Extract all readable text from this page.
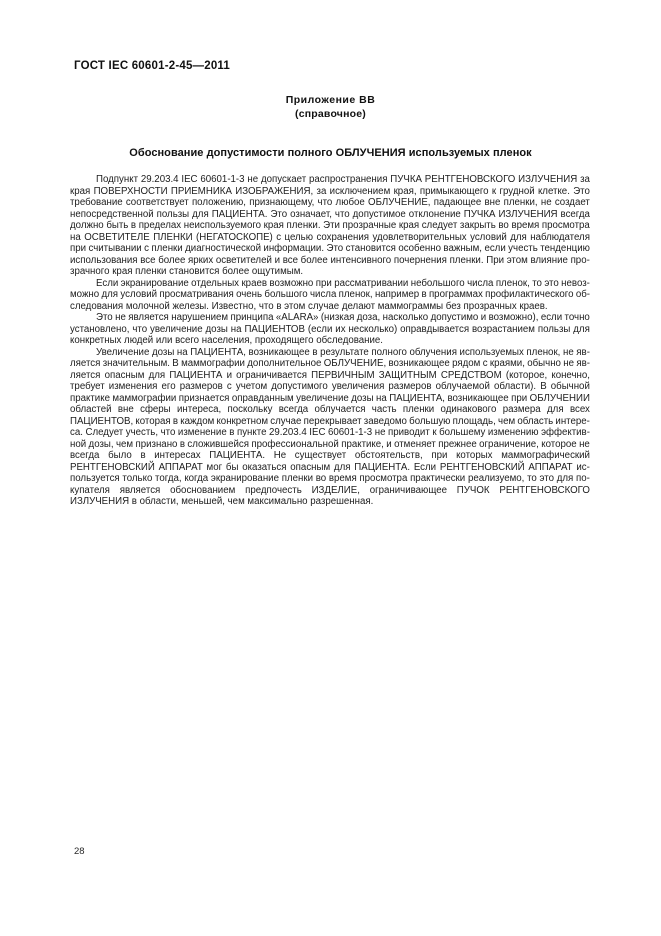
ГОСТ IEC 60601-2-45—2011
Приложение ВВ
(справочное)
Обоснование допустимости полного ОБЛУЧЕНИЯ используемых пленок

Подпункт 29.203.4 IEC 60601-1-3 не допускает распространения ПУЧКА РЕНТГЕНОВСКОГО ИЗЛУЧЕНИЯ за
края ПОВЕРХНОСТИ ПРИЕМНИКА ИЗОБРАЖЕНИЯ, за исключением края, примыкающего к грудной клетке. Это
требование соответствует положению, признающему, что любое ОБЛУЧЕНИЕ, падающее вне пленки, не создает
непосредственной пользы для ПАЦИЕНТА. Это означает, что допустимое отклонение ПУЧКА ИЗЛУЧЕНИЯ всегда
должно быть в пределах неиспользуемого края пленки. Эти прозрачные края следует закрыть во время просмотра
на ОСВЕТИТЕЛЕ ПЛЕНКИ (НЕГАТОСКОПЕ) с целью сохранения удовлетворительных условий для наблюдателя
при считывании с пленки диагностической информации. Это становится особенно важным, если учесть тенденцию
использования все более ярких осветителей и все более интенсивного почернения пленки. При этом влияние про-
зрачного края пленки становится более ощутимым.

Если экранирование отдельных краев возможно при рассматривании небольшого числа пленок, то это невоз-
можно для условий просматривания очень большого числа пленок, например в программах профилактического об-
следования молочной железы. Известно, что в этом случае делают маммограммы без прозрачных краев.

Это не является нарушением принципа «ALARA» (низкая доза, насколько допустимо и возможно), если точно
установлено, что увеличение дозы на ПАЦИЕНТОВ (если их несколько) оправдывается возрастанием пользы для
конкретных людей или всего населения, проходящего обследование.

Увеличение дозы на ПАЦИЕНТА, возникающее в результате полного облучения используемых пленок, не яв-
ляется значительным. В маммографии дополнительное ОБЛУЧЕНИЕ, возникающее рядом с краями, обычно не яв-
ляется опасным для ПАЦИЕНТА и ограничивается ПЕРВИЧНЫМ ЗАЩИТНЫМ СРЕДСТВОМ (которое, конечно,
требует изменения его размеров с учетом допустимого увеличения размеров облучаемой области). В обычной
практике маммографии признается оправданным увеличение дозы на ПАЦИЕНТА, возникающее при ОБЛУЧЕНИИ
областей вне сферы интереса, поскольку всегда облучается часть пленки одинакового размера для всех
ПАЦИЕНТОВ, которая в каждом конкретном случае перекрывает заведомо большую площадь, чем область интере-
са. Следует учесть, что изменение в пункте 29.203.4 IEC 60601-1-3 не приводит к большему изменению эффектив-
ной дозы, чем признано в сложившейся профессиональной практике, и отменяет прежнее ограничение, которое не
всегда было в интересах ПАЦИЕНТА. Не существует обстоятельств, при которых маммографический
РЕНТГЕНОВСКИЙ АППАРАТ мог бы оказаться опасным для ПАЦИЕНТА. Если РЕНТГЕНОВСКИЙ АППАРАТ ис-
пользуется только тогда, когда экранирование пленки во время просмотра практически реализуемо, то это для по-
купателя является обоснованием предпочесть ИЗДЕЛИЕ, ограничивающее ПУЧОК РЕНТГЕНОВСКОГО
ИЗЛУЧЕНИЯ в области, меньшей, чем максимально разрешенная.

28
